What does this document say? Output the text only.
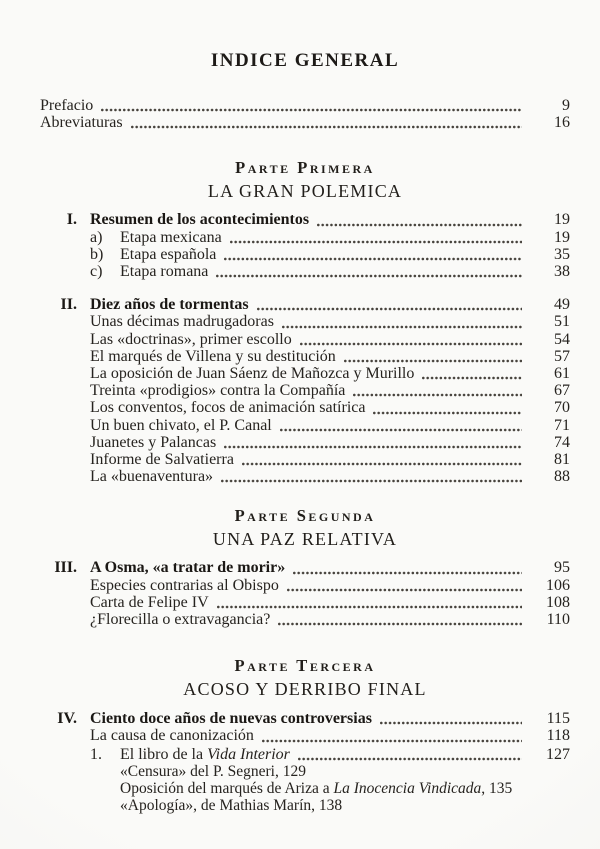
INDICE GENERAL
Prefacio	9
Abreviaturas	16
Parte Primera
LA GRAN POLEMICA
I. Resumen de los acontecimientos	19
a)	Etapa mexicana	19
b)	Etapa española	35
c)	Etapa romana	38
II. Diez años de tormentas	49
Unas décimas madrugadoras	51
Las «doctrinas», primer escollo	54
El marqués de Villena y su destitución	57
La oposición de Juan Sáenz de Mañozca y Murillo	61
Treinta «prodigios» contra la Compañía	67
Los conventos, focos de animación satírica	70
Un buen chivato, el P. Canal	71
Juanetes y Palancas	74
Informe de Salvatierra	81
La «buenaventura»	88
Parte Segunda
UNA PAZ RELATIVA
III. A Osma, «a tratar de morir»	95
Especies contrarias al Obispo	106
Carta de Felipe IV	108
¿Florecilla o extravagancia?	110
Parte Tercera
ACOSO Y DERRIBO FINAL
IV. Ciento doce años de nuevas controversias	115
La causa de canonización	118
1.	El libro de la Vida Interior	127
«Censura» del P. Segneri, 129
Oposición del marqués de Ariza a La Inocencia Vindicada, 135
«Apología», de Mathias Marín, 138
